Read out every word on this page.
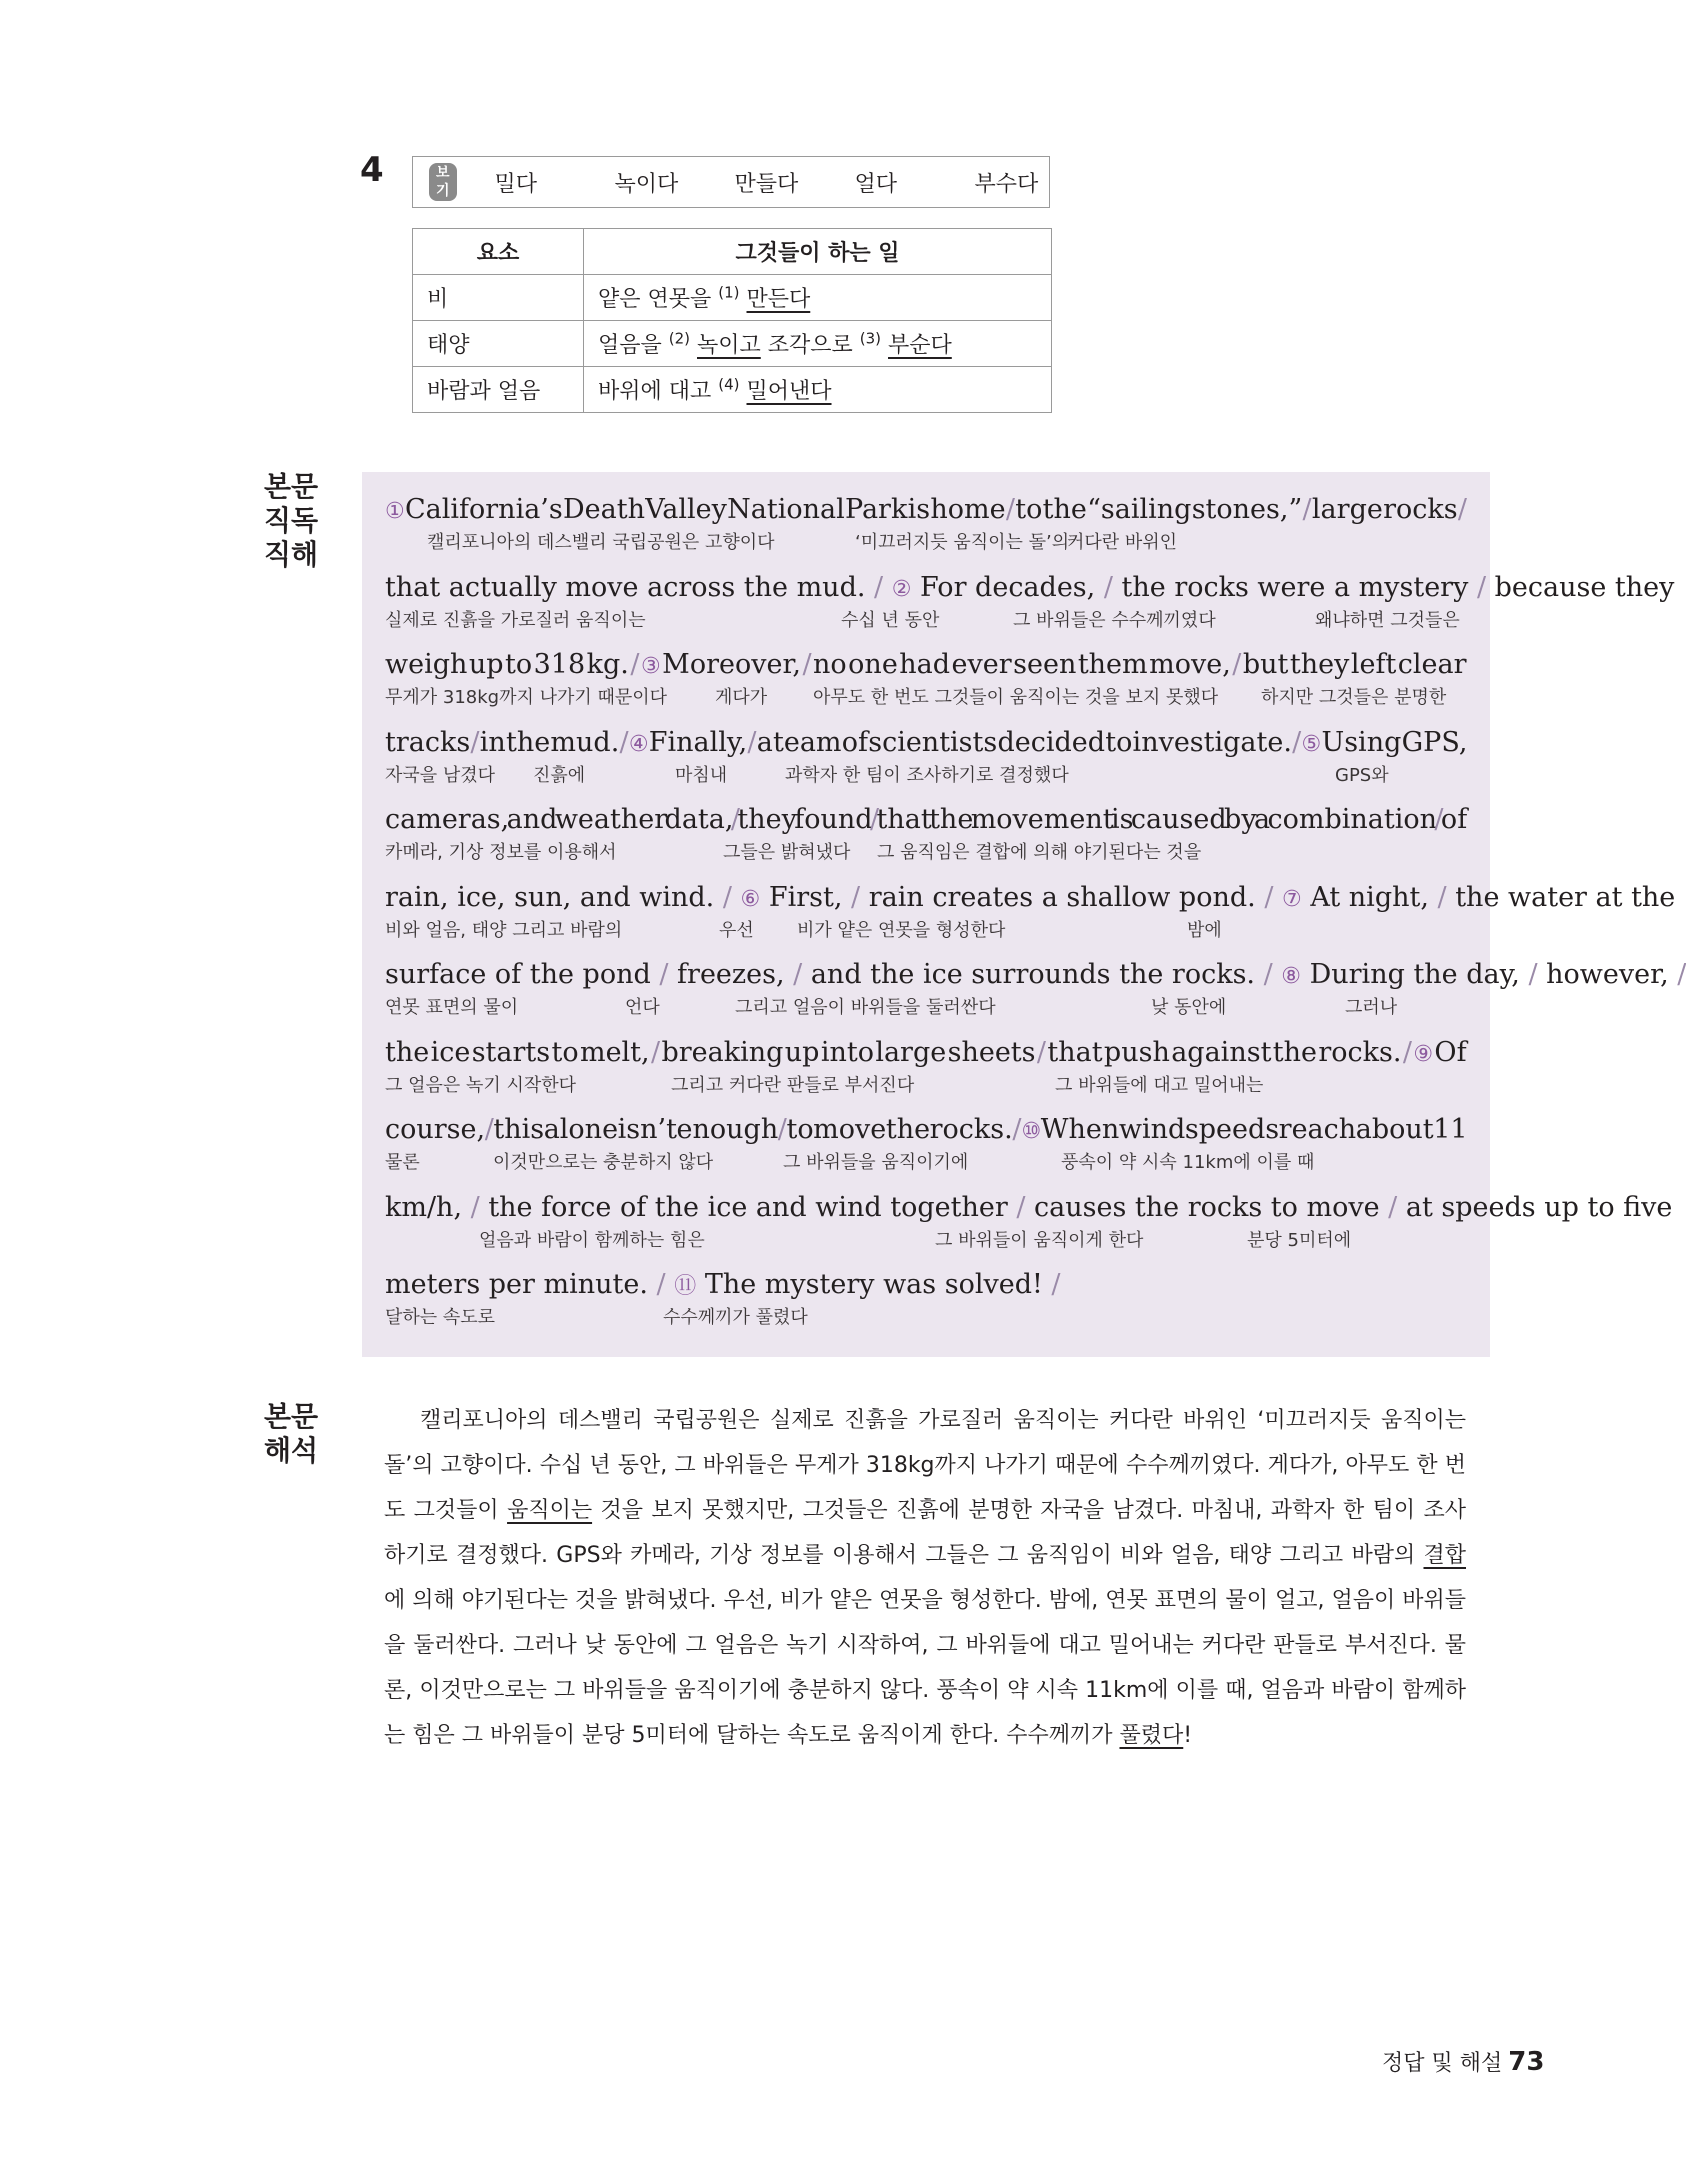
4	보기	밀다	녹이다	만들다	얼다	부수다
요소	그것들이 하는 일
비	얕은 연못을 $^{(1)}$ 만든다
태양	얼음을 $^{(2)}$ 녹이고 조각으로 $^{(3)}$ 부순다
바람과 얼음	바위에 대고 $^{(4)}$ 밀어낸다
본문
직독
직해
① California’s Death Valley National Park is home / to the “sailing stones,” / large rocks /
캘리포니아의 데스밸리 국립공원은 고향이다	‘미끄러지듯 움직이는 돌’의
커다란 바위인
that actually move across the mud. / ② For decades, / the rocks were a mystery / because they
실제로 진흙을 가로질러 움직이는	수십 년 동안	그 바위들은 수수께끼였다	왜냐하면 그것들은
weigh up to 318 kg. / ③ Moreover, / no one had ever seen them move, / but they left clear
무게가 318kg까지 나가기 때문이다	게다가	아무도 한 번도 그것들이 움직이는 것을 보지 못했다 하지만 그것들은 분명한
tracks / in the mud. / ④ Finally, / a team of scientists decided to investigate. / ⑤ Using GPS,
자국을 남겼다 진흙에	마침내	과학자 한 팀이 조사하기로 결정했다	GPS와
cameras, and weather data, / they found / that the movement is caused by a combination / of
카메라, 기상 정보를 이용해서	그들은 밝혀냈다 그 움직임은 결합에 의해 야기된다는 것을
rain, ice, sun, and wind. / ⑥ First, / rain creates a shallow pond. / ⑦ At night, / the water at the
비와 얼음, 태양 그리고 바람의	우선 비가 얕은 연못을 형성한다	밤에
surface of the pond / freezes, / and the ice surrounds the rocks. / ⑧ During the day, / however, /
연못 표면의 물이	언다	그리고 얼음이 바위들을 둘러싼다	낮 동안에	그러나
the ice starts to melt, / breaking up into large sheets / that push against the rocks. / ⑨ Of
그 얼음은 녹기 시작한다	그리고 커다란 판들로 부서진다	그 바위들에 대고 밀어내는
course, / this alone isn’t enough / to move the rocks. / ⑩ When wind speeds reach about 11
물론	이것만으로는 충분하지 않다	그 바위들을 움직이기에	풍속이 약 시속 11km에 이를 때
km/h, / the force of the ice and wind together / causes the rocks to move / at speeds up to five
얼음과 바람이 함께하는 힘은	그 바위들이 움직이게 한다	분당 5미터에
meters per minute. / ⑪ The mystery was solved! /
달하는 속도로	수수께끼가 풀렸다
본문
해석
캘리포니아의 데스밸리 국립공원은 실제로 진흙을 가로질러 움직이는 커다란 바위인 ‘미끄러지듯 움직이는 돌’의 고향이다. 수십 년 동안, 그 바위들은 무게가 318kg까지 나가기 때문에 수수께끼였다. 게다가, 아무도 한 번도 그것들이 움직이는 것을 보지 못했지만, 그것들은 진흙에 분명한 자국을 남겼다. 마침내, 과학자 한 팀이 조사하기로 결정했다. GPS와 카메라, 기상 정보를 이용해서 그들은 그 움직임이 비와 얼음, 태양 그리고 바람의 결합에 의해 야기된다는 것을 밝혀냈다. 우선, 비가 얕은 연못을 형성한다. 밤에, 연못 표면의 물이 얼고, 얼음이 바위들을 둘러싼다. 그러나 낮 동안에 그 얼음은 녹기 시작하여, 그 바위들에 대고 밀어내는 커다란 판들로 부서진다. 물론, 이것만으로는 그 바위들을 움직이기에 충분하지 않다. 풍속이 약 시속 11km에 이를 때, 얼음과 바람이 함께하는 힘은 그 바위들이 분당 5미터에 달하는 속도로 움직이게 한다. 수수께끼가 풀렸다!
정답 및 해설 73
